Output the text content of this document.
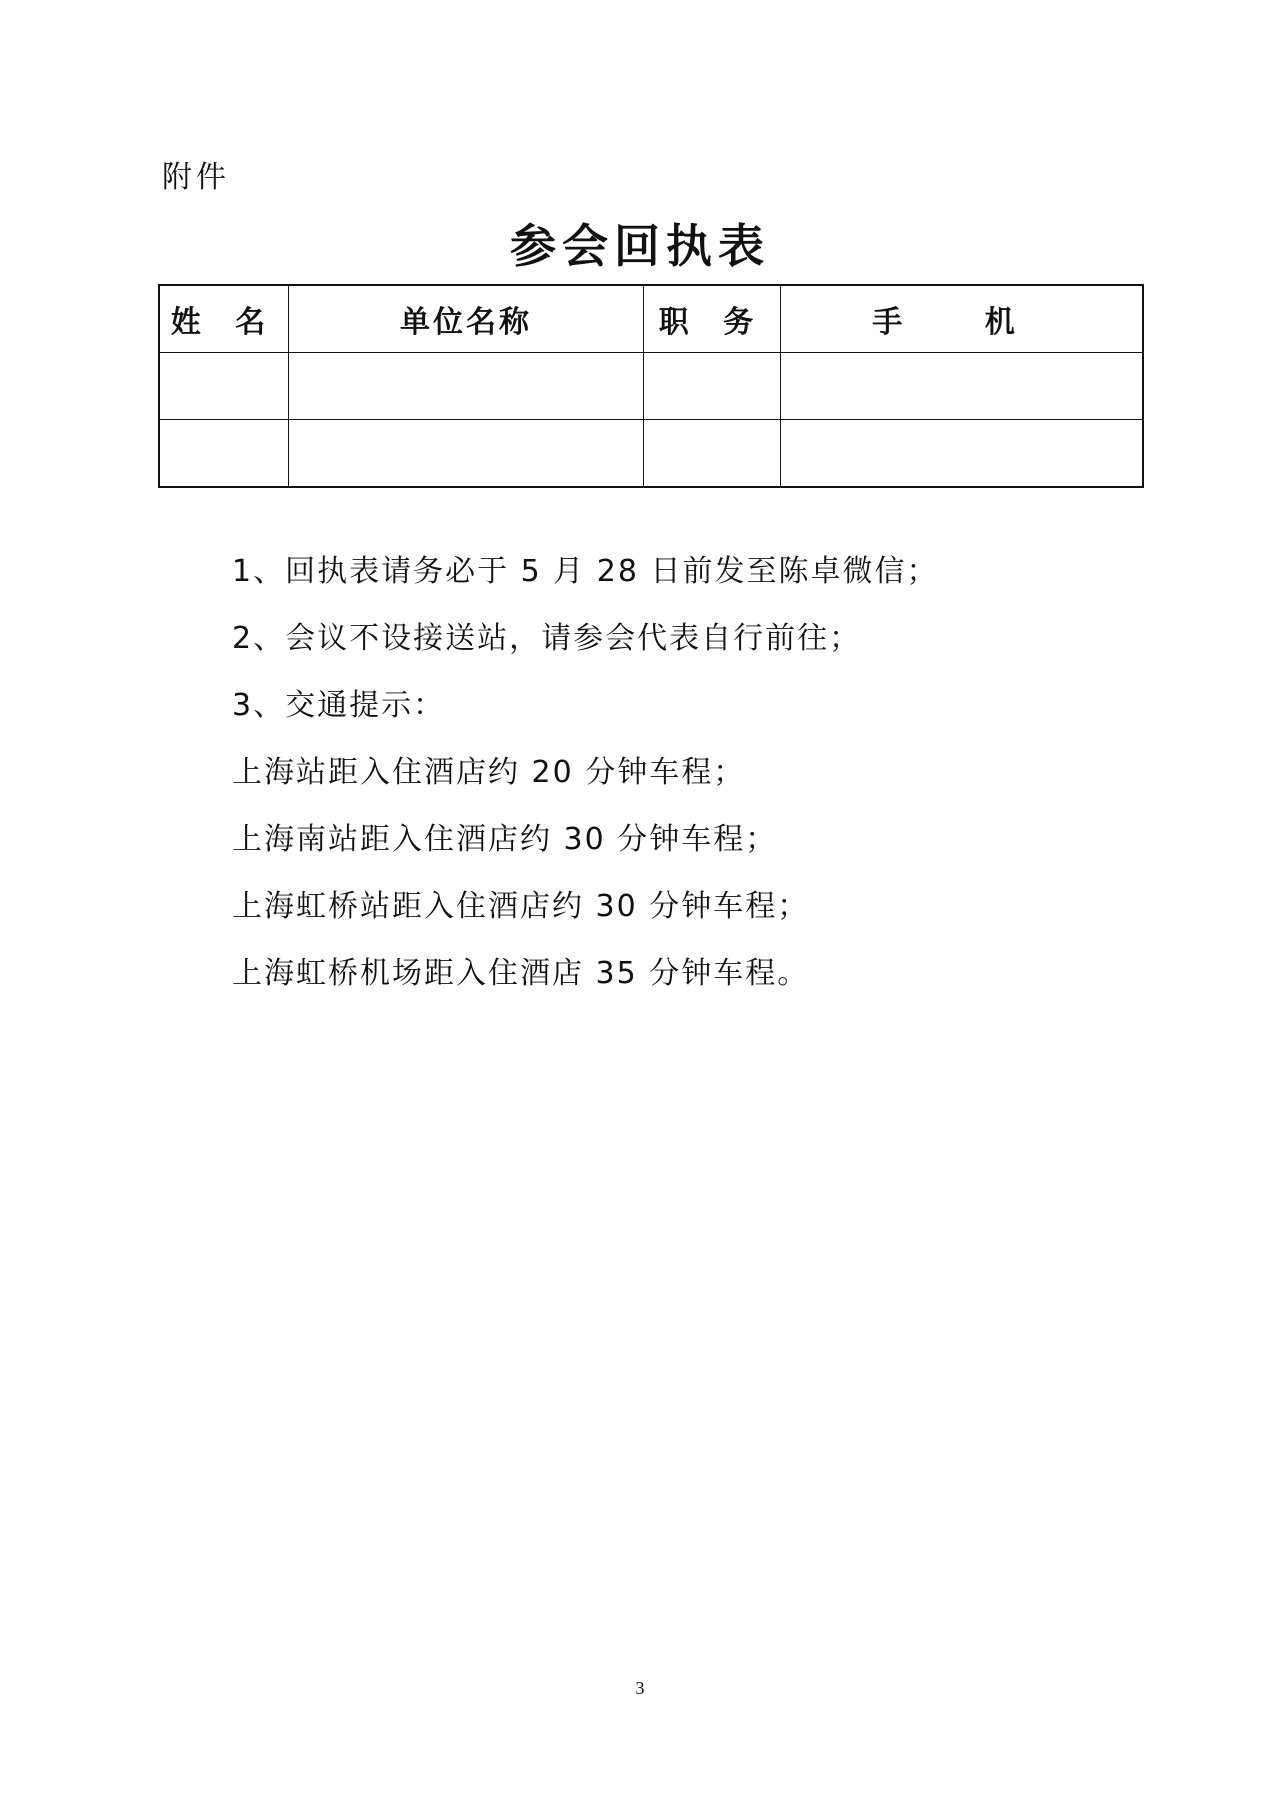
附件
参会回执表
姓 名	单位名称	职 务	手 机

1、回执表请务必于 5 月 28 日前发至陈卓微信；
2、会议不设接送站，请参会代表自行前往；
3、交通提示：
上海站距入住酒店约 20 分钟车程；
上海南站距入住酒店约 30 分钟车程；
上海虹桥站距入住酒店约 30 分钟车程；
上海虹桥机场距入住酒店 35 分钟车程。
3
